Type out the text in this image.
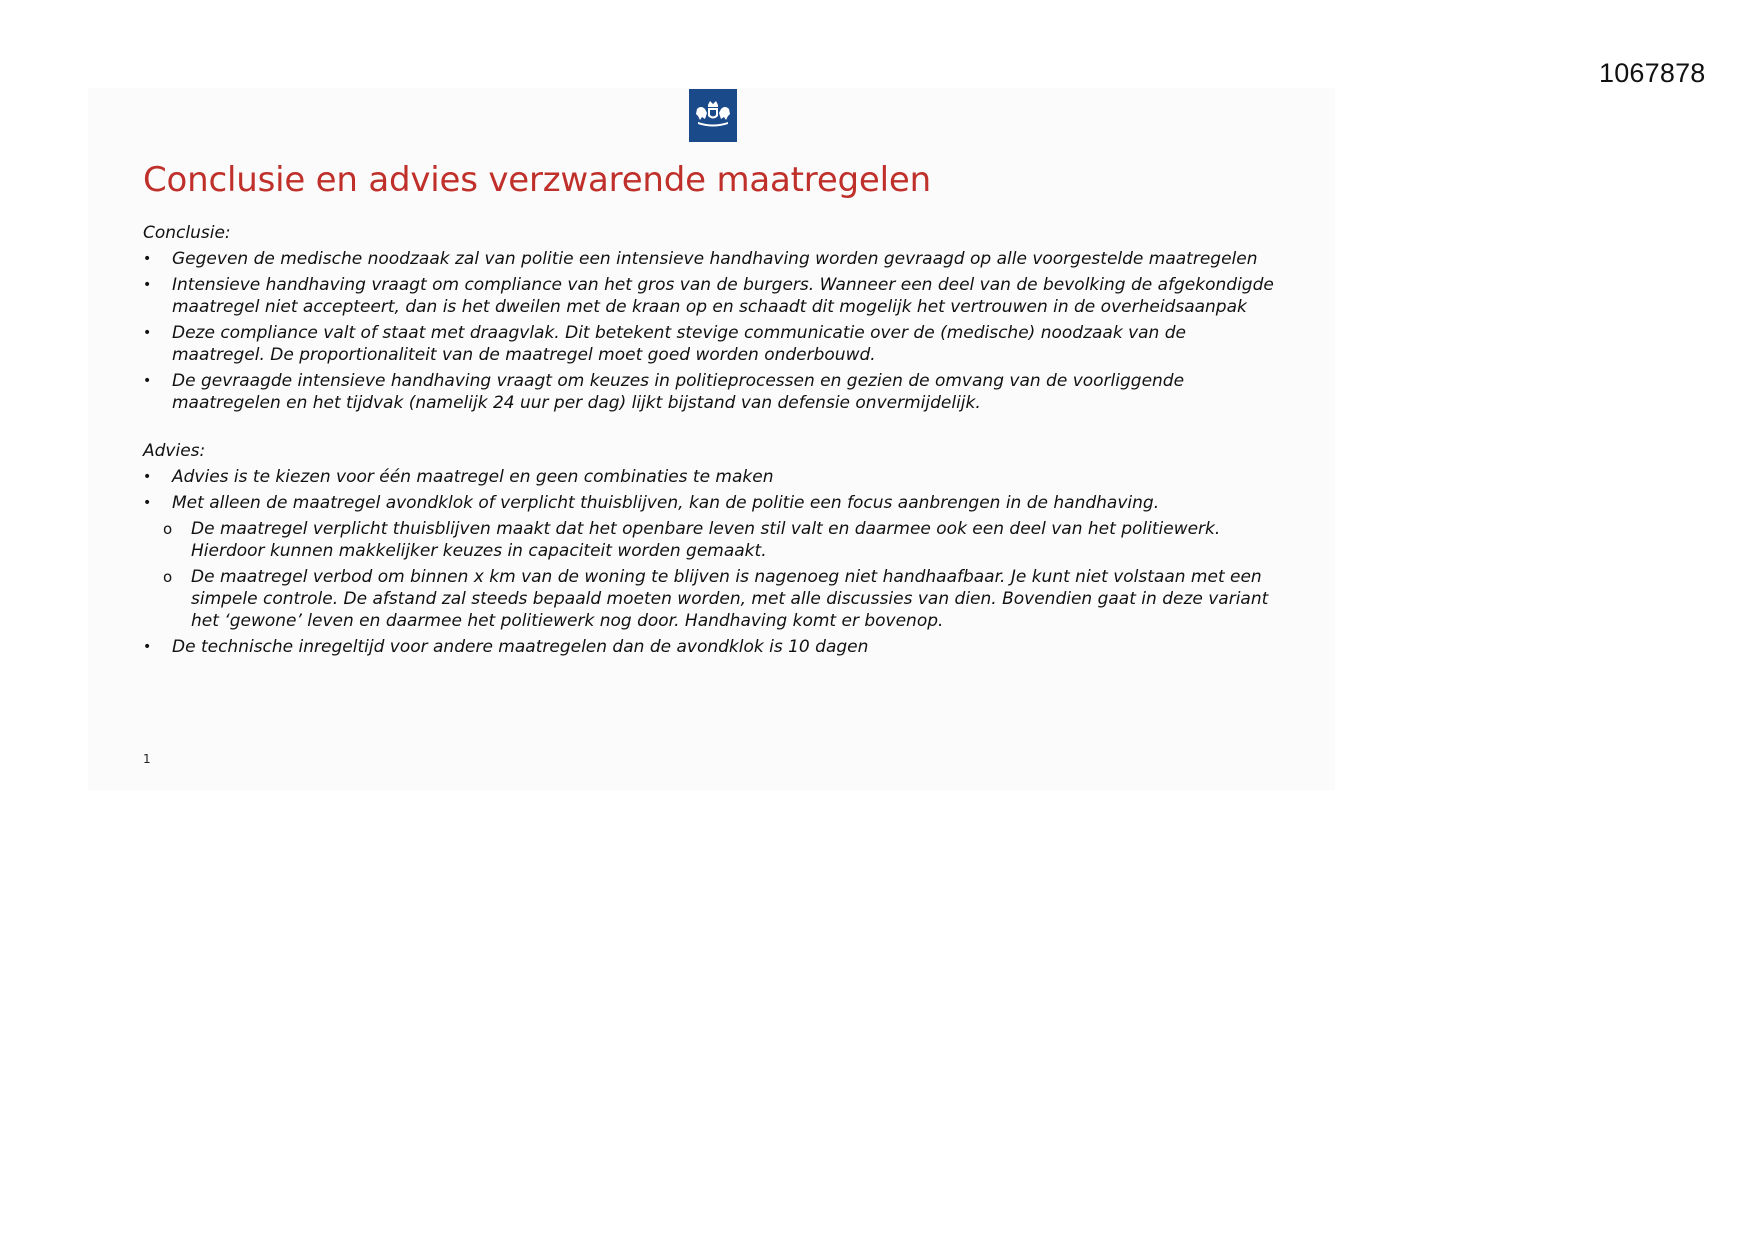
1067878
Conclusie en advies verzwarende maatregelen
Conclusie:
• Gegeven de medische noodzaak zal van politie een intensieve handhaving worden gevraagd op alle voorgestelde maatregelen
• Intensieve handhaving vraagt om compliance van het gros van de burgers. Wanneer een deel van de bevolking de afgekondigde maatregel niet accepteert, dan is het dweilen met de kraan op en schaadt dit mogelijk het vertrouwen in de overheidsaanpak
• Deze compliance valt of staat met draagvlak. Dit betekent stevige communicatie over de (medische) noodzaak van de maatregel. De proportionaliteit van de maatregel moet goed worden onderbouwd.
• De gevraagde intensieve handhaving vraagt om keuzes in politieprocessen en gezien de omvang van de voorliggende maatregelen en het tijdvak (namelijk 24 uur per dag) lijkt bijstand van defensie onvermijdelijk.
Advies:
• Advies is te kiezen voor één maatregel en geen combinaties te maken
• Met alleen de maatregel avondklok of verplicht thuisblijven, kan de politie een focus aanbrengen in de handhaving.
o De maatregel verplicht thuisblijven maakt dat het openbare leven stil valt en daarmee ook een deel van het politiewerk. Hierdoor kunnen makkelijker keuzes in capaciteit worden gemaakt.
o De maatregel verbod om binnen x km van de woning te blijven is nagenoeg niet handhaafbaar. Je kunt niet volstaan met een simpele controle. De afstand zal steeds bepaald moeten worden, met alle discussies van dien. Bovendien gaat in deze variant het ‘gewone’ leven en daarmee het politiewerk nog door. Handhaving komt er bovenop.
• De technische inregeltijd voor andere maatregelen dan de avondklok is 10 dagen
1
